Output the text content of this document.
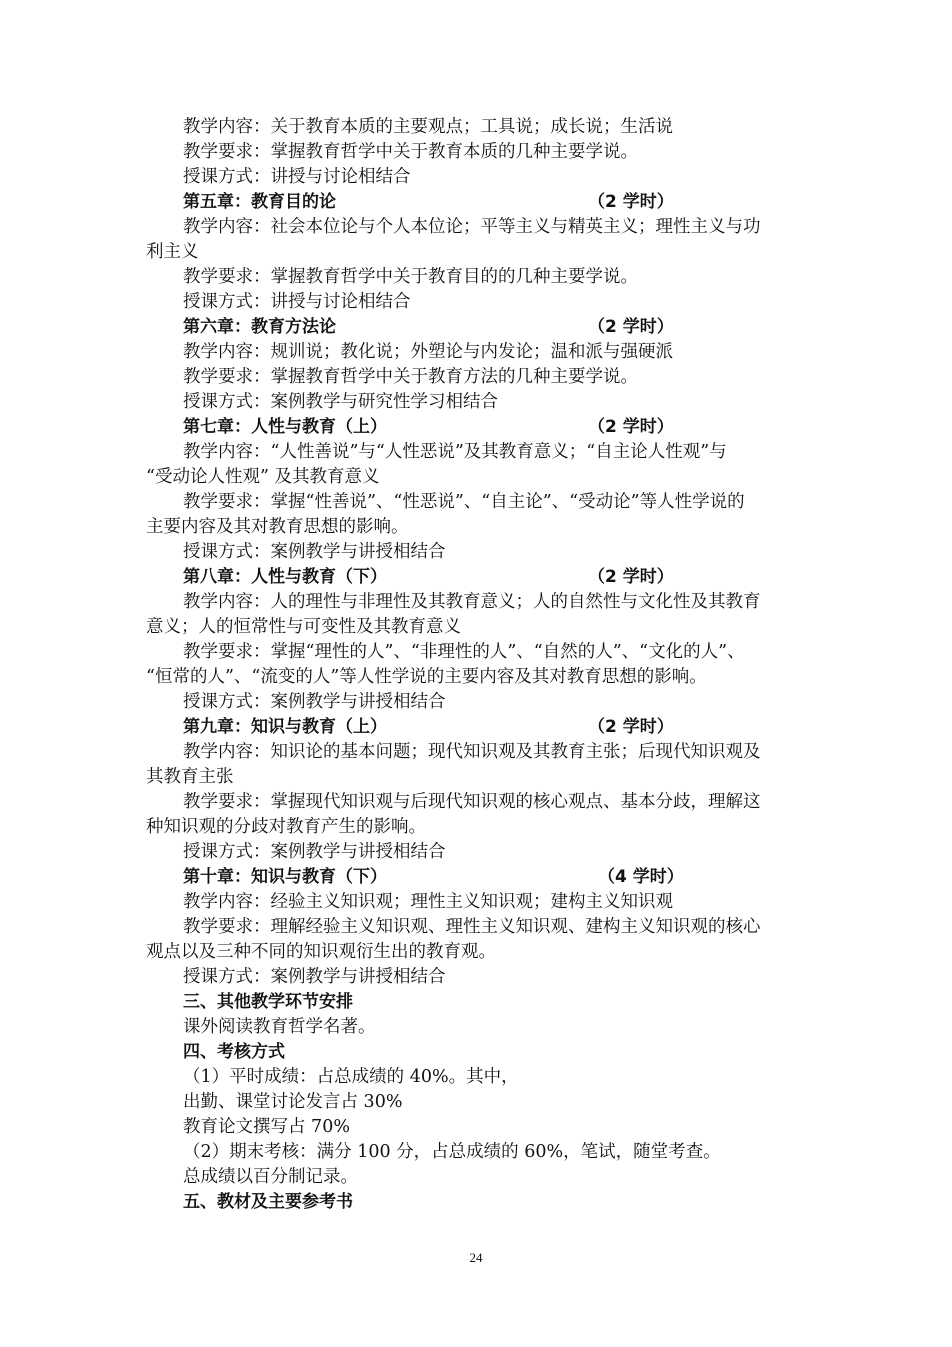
教学内容：关于教育本质的主要观点；工具说；成长说；生活说
教学要求：掌握教育哲学中关于教育本质的几种主要学说。
授课方式：讲授与讨论相结合
第五章：教育目的论	（2 学时）
教学内容：社会本位论与个人本位论；平等主义与精英主义；理性主义与功
利主义
教学要求：掌握教育哲学中关于教育目的的几种主要学说。
授课方式：讲授与讨论相结合
第六章：教育方法论	（2 学时）
教学内容：规训说；教化说；外塑论与内发论；温和派与强硬派
教学要求：掌握教育哲学中关于教育方法的几种主要学说。
授课方式：案例教学与研究性学习相结合
第七章：人性与教育（上）	（2 学时）
教学内容：“人性善说”与“人性恶说”及其教育意义；“自主论人性观”与
“受动论人性观” 及其教育意义
教学要求：掌握“性善说”、“性恶说”、“自主论”、“受动论”等人性学说的
主要内容及其对教育思想的影响。
授课方式：案例教学与讲授相结合
第八章：人性与教育（下）	（2 学时）
教学内容：人的理性与非理性及其教育意义；人的自然性与文化性及其教育
意义；人的恒常性与可变性及其教育意义
教学要求：掌握“理性的人”、“非理性的人”、“自然的人”、“文化的人”、
“恒常的人”、“流变的人”等人性学说的主要内容及其对教育思想的影响。
授课方式：案例教学与讲授相结合
第九章：知识与教育（上）	（2 学时）
教学内容：知识论的基本问题；现代知识观及其教育主张；后现代知识观及
其教育主张
教学要求：掌握现代知识观与后现代知识观的核心观点、基本分歧，理解这
种知识观的分歧对教育产生的影响。
授课方式：案例教学与讲授相结合
第十章：知识与教育（下）	（4 学时）
教学内容：经验主义知识观；理性主义知识观；建构主义知识观
教学要求：理解经验主义知识观、理性主义知识观、建构主义知识观的核心
观点以及三种不同的知识观衍生出的教育观。
授课方式：案例教学与讲授相结合
三、其他教学环节安排
课外阅读教育哲学名著。
四、考核方式
（1）平时成绩：占总成绩的 40%。其中，
出勤、课堂讨论发言占 30%
教育论文撰写占 70%
（2）期末考核：满分 100 分，占总成绩的 60%，笔试，随堂考查。
总成绩以百分制记录。
五、教材及主要参考书
24
